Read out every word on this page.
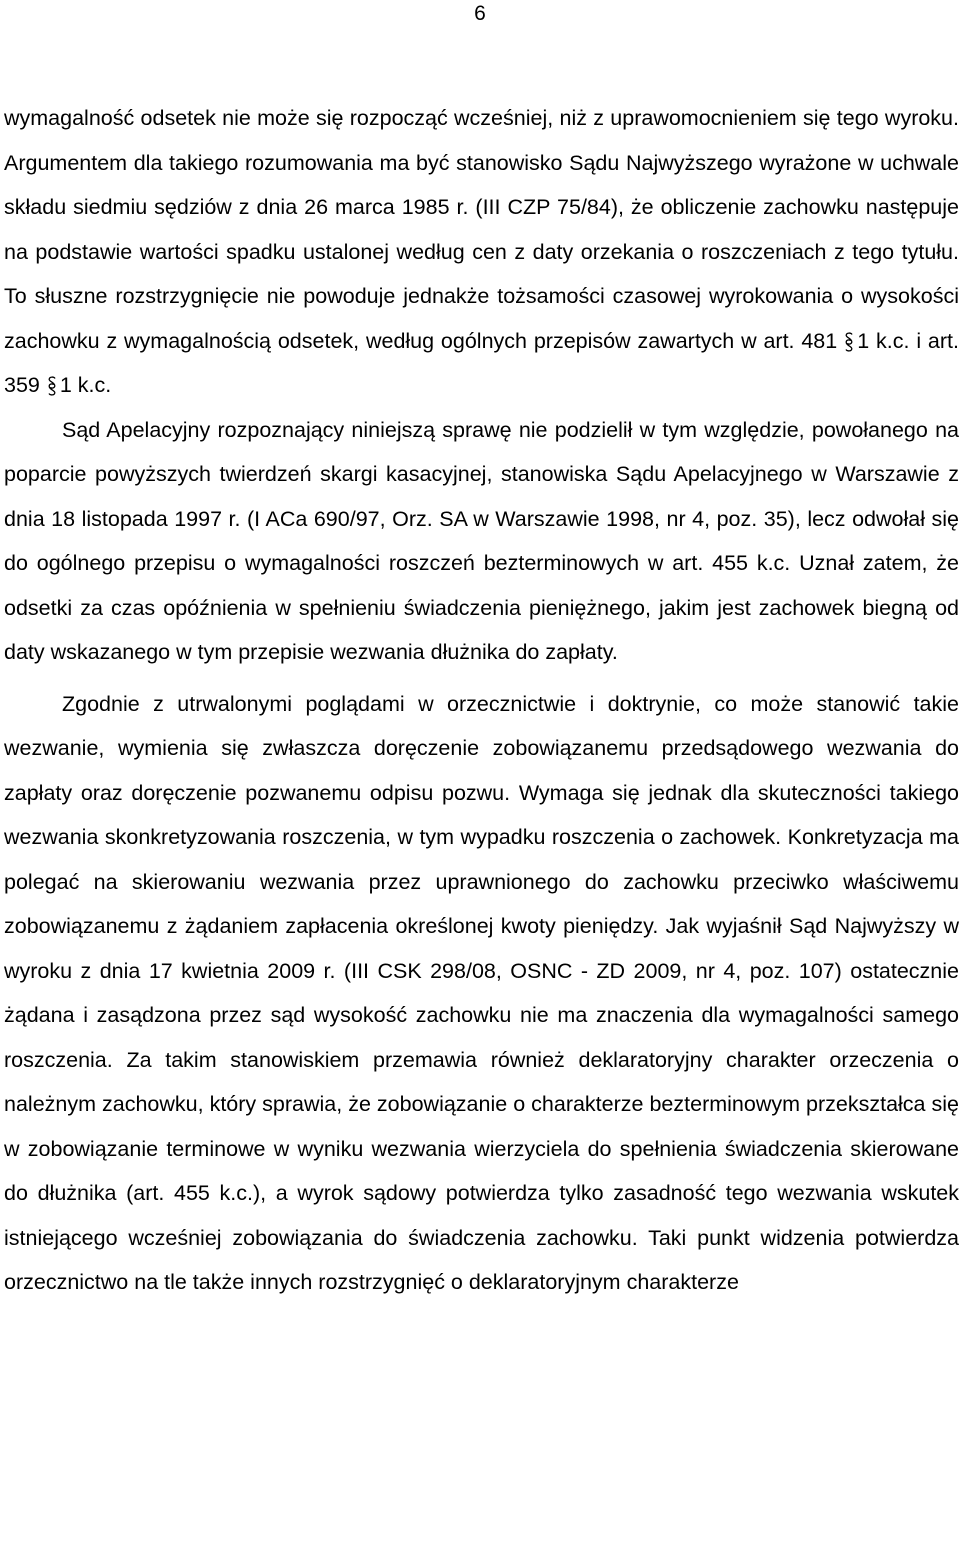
6

wymagalność odsetek nie może się rozpocząć wcześniej, niż z uprawomocnieniem się tego wyroku. Argumentem dla takiego rozumowania ma być stanowisko Sądu Najwyższego wyrażone w uchwale składu siedmiu sędziów z dnia 26 marca 1985 r. (III CZP 75/84), że obliczenie zachowku następuje na podstawie wartości spadku ustalonej według cen z daty orzekania o roszczeniach z tego tytułu. To słuszne rozstrzygnięcie nie powoduje jednakże tożsamości czasowej wyrokowania o wysokości zachowku z wymagalnością odsetek, według ogólnych przepisów zawartych w art. 481 1 k.c. i art. 359 1 k.c.

Sąd Apelacyjny rozpoznający niniejszą sprawę nie podzielił w tym względzie, powołanego na poparcie powyższych twierdzeń skargi kasacyjnej, stanowiska Sądu Apelacyjnego w Warszawie z dnia 18 listopada 1997 r. (I ACa 690/97, Orz. SA w Warszawie 1998, nr 4, poz. 35), lecz odwołał się do ogólnego przepisu o wymagalności roszczeń bezterminowych w art. 455 k.c. Uznał zatem, że odsetki za czas opóźnienia w spełnieniu świadczenia pieniężnego, jakim jest zachowek biegną od daty wskazanego w tym przepisie wezwania dłużnika do zapłaty.

Zgodnie z utrwalonymi poglądami w orzecznictwie i doktrynie, co może stanowić takie wezwanie, wymienia się zwłaszcza doręczenie zobowiązanemu przedsądowego wezwania do zapłaty oraz doręczenie pozwanemu odpisu pozwu. Wymaga się jednak dla skuteczności takiego wezwania skonkretyzowania roszczenia, w tym wypadku roszczenia o zachowek. Konkretyzacja ma polegać na skierowaniu wezwania przez uprawnionego do zachowku przeciwko właściwemu zobowiązanemu z żądaniem zapłacenia określonej kwoty pieniędzy. Jak wyjaśnił Sąd Najwyższy w wyroku z dnia 17 kwietnia 2009 r. (III CSK 298/08, OSNC - ZD 2009, nr 4, poz. 107) ostatecznie żądana i zasądzona przez sąd wysokość zachowku nie ma znaczenia dla wymagalności samego roszczenia. Za takim stanowiskiem przemawia również deklaratoryjny charakter orzeczenia o należnym zachowku, który sprawia, że zobowiązanie o charakterze bezterminowym przekształca się w zobowiązanie terminowe w wyniku wezwania wierzyciela do spełnienia świadczenia skierowane do dłużnika (art. 455 k.c.), a wyrok sądowy potwierdza tylko zasadność tego wezwania wskutek istniejącego wcześniej zobowiązania do świadczenia zachowku. Taki punkt widzenia potwierdza orzecznictwo na tle także innych rozstrzygnięć o deklaratoryjnym charakterze
